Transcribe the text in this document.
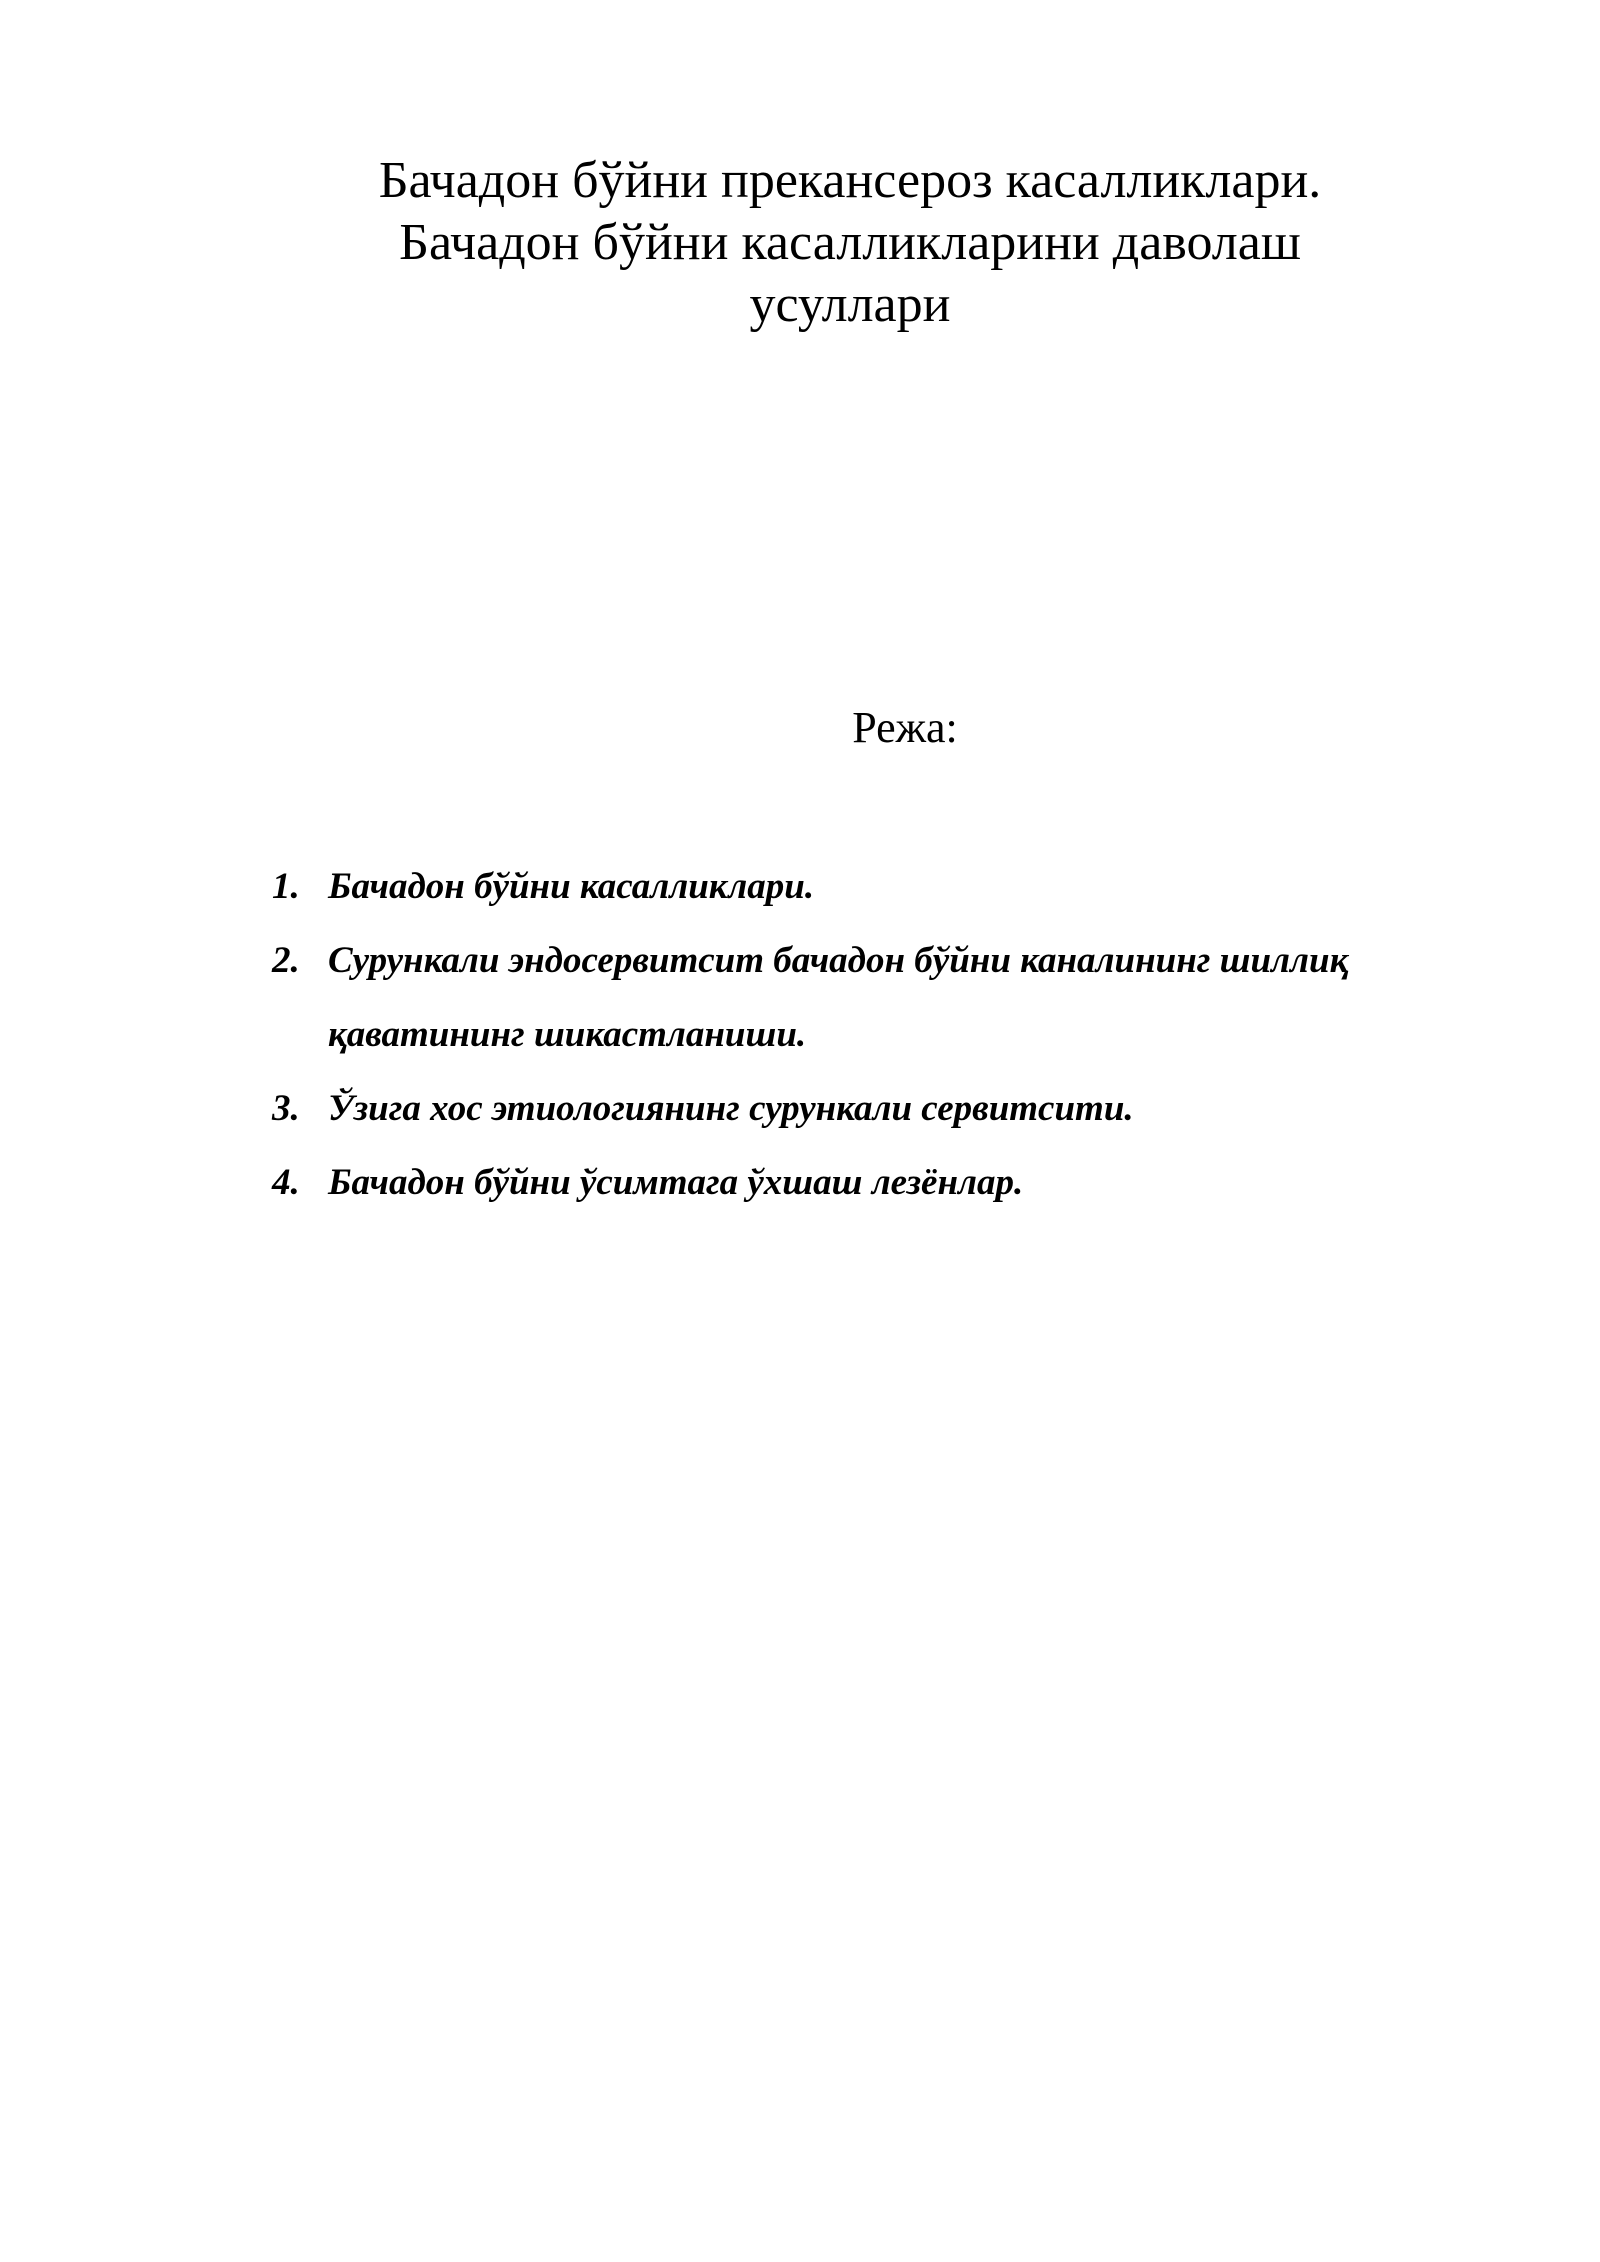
Бачадон бўйни прекансероз касалликлари.
Бачадон бўйни касалликларини даволаш
усуллари
Режа:
1. Бачадон бўйни касалликлари.
2. Сурункали эндосервитсит бачадон бўйни каналининг шиллиқ қаватининг шикастланиши.
3. Ўзига хос этиологиянинг сурункали сервитсити.
4. Бачадон бўйни ўсимтага ўхшаш лезёнлар.
